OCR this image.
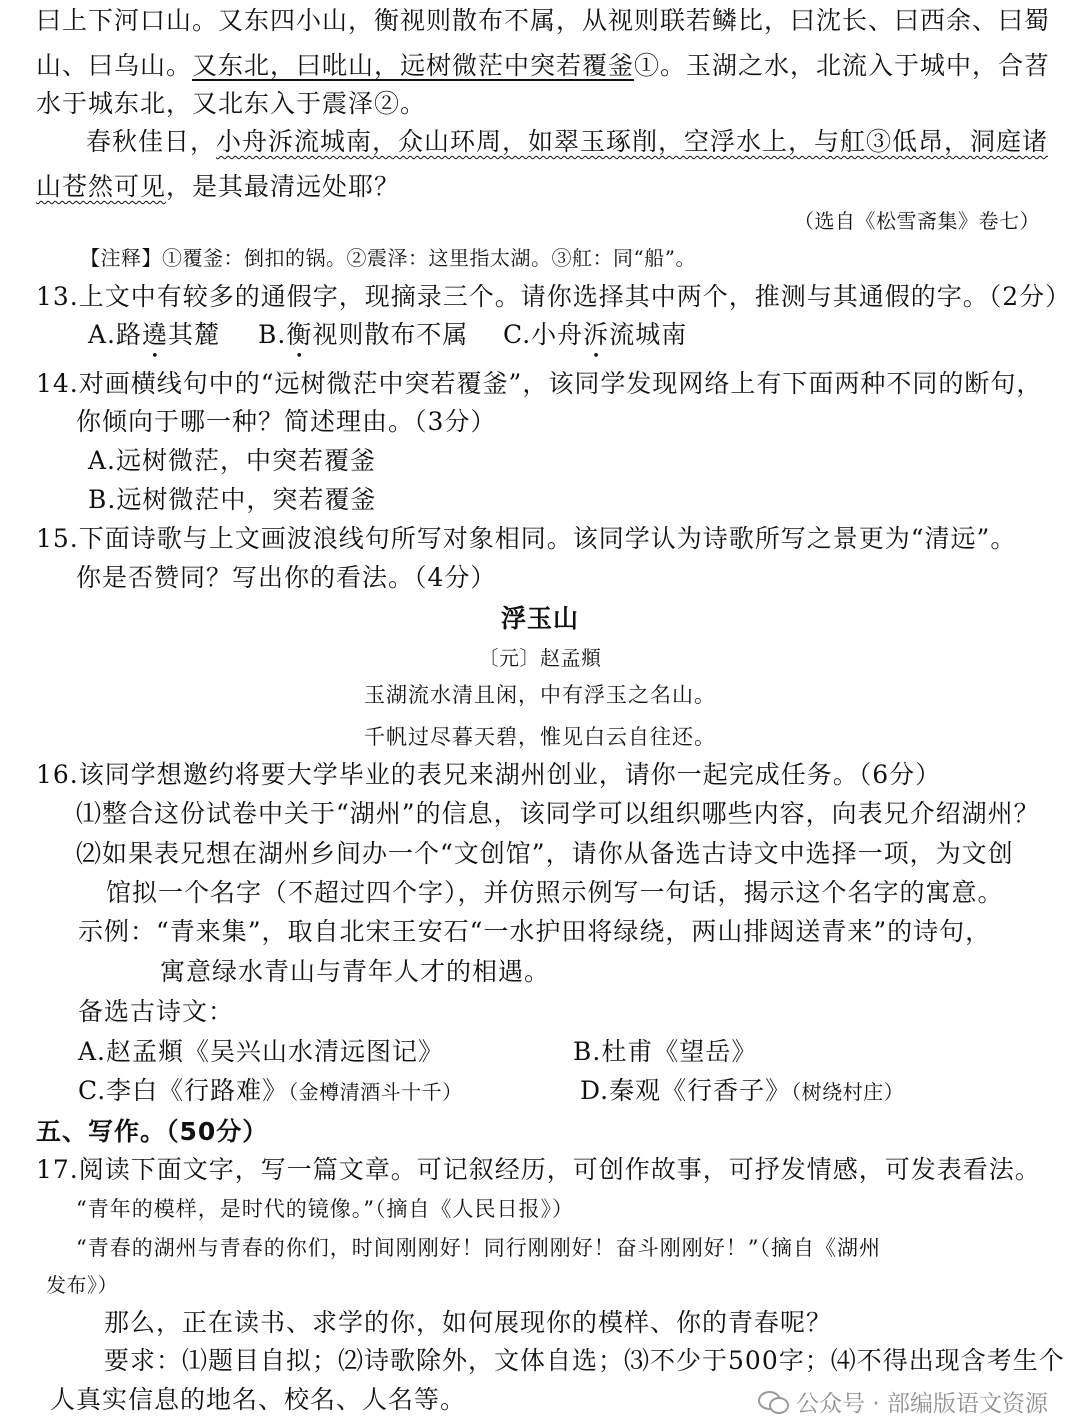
曰上下河口山。又东四小山，衡视则散布不属，从视则联若鳞比，曰沈长、曰西余、曰蜀
山、曰乌山。又东北，曰吡山，远树微茫中突若覆釜①。玉湖之水，北流入于城中，合苕
水于城东北，又北东入于震泽②。
春秋佳日，小舟泝流城南，众山环周，如翠玉琢削，空浮水上，与舡③低昂，洞庭诸
山苍然可见，是其最清远处耶？
（选自《松雪斋集》卷七）
【注释】①覆釜：倒扣的锅。②震泽：这里指太湖。③舡：同“船”。
13.上文中有较多的通假字，现摘录三个。请你选择其中两个，推测与其通假的字。（2分）
A.路遶其麓 B.衡视则散布不属 C.小舟泝流城南
14.对画横线句中的“远树微茫中突若覆釜”，该同学发现网络上有下面两种不同的断句，
你倾向于哪一种？简述理由。（3分）
A.远树微茫，中突若覆釜
B.远树微茫中，突若覆釜
15.下面诗歌与上文画波浪线句所写对象相同。该同学认为诗歌所写之景更为“清远”。
你是否赞同？写出你的看法。（4分）
浮玉山
〔元〕赵孟頫
玉湖流水清且闲，中有浮玉之名山。
千帆过尽暮天碧，惟见白云自往还。
16.该同学想邀约将要大学毕业的表兄来湖州创业，请你一起完成任务。（6分）
⑴整合这份试卷中关于“湖州”的信息，该同学可以组织哪些内容，向表兄介绍湖州？
⑵如果表兄想在湖州乡间办一个“文创馆”，请你从备选古诗文中选择一项，为文创
馆拟一个名字（不超过四个字），并仿照示例写一句话，揭示这个名字的寓意。
示例：“青来集”，取自北宋王安石“一水护田将绿绕，两山排闼送青来”的诗句，
寓意绿水青山与青年人才的相遇。
备选古诗文：
A.赵孟頫《吴兴山水清远图记》	B.杜甫《望岳》
C.李白《行路难》（金樽清酒斗十千）	D.秦观《行香子》（树绕村庄）
五、写作。（50分）
17.阅读下面文字，写一篇文章。可记叙经历，可创作故事，可抒发情感，可发表看法。
“青年的模样，是时代的镜像。”（摘自《人民日报》）
“青春的湖州与青春的你们，时间刚刚好！同行刚刚好！奋斗刚刚好！”（摘自《湖州
发布》）
那么，正在读书、求学的你，如何展现你的模样、你的青春呢？
要求：⑴题目自拟；⑵诗歌除外，文体自选；⑶不少于500字；⑷不得出现含考生个
人真实信息的地名、校名、人名等。	公众号 · 部编版语文资源
